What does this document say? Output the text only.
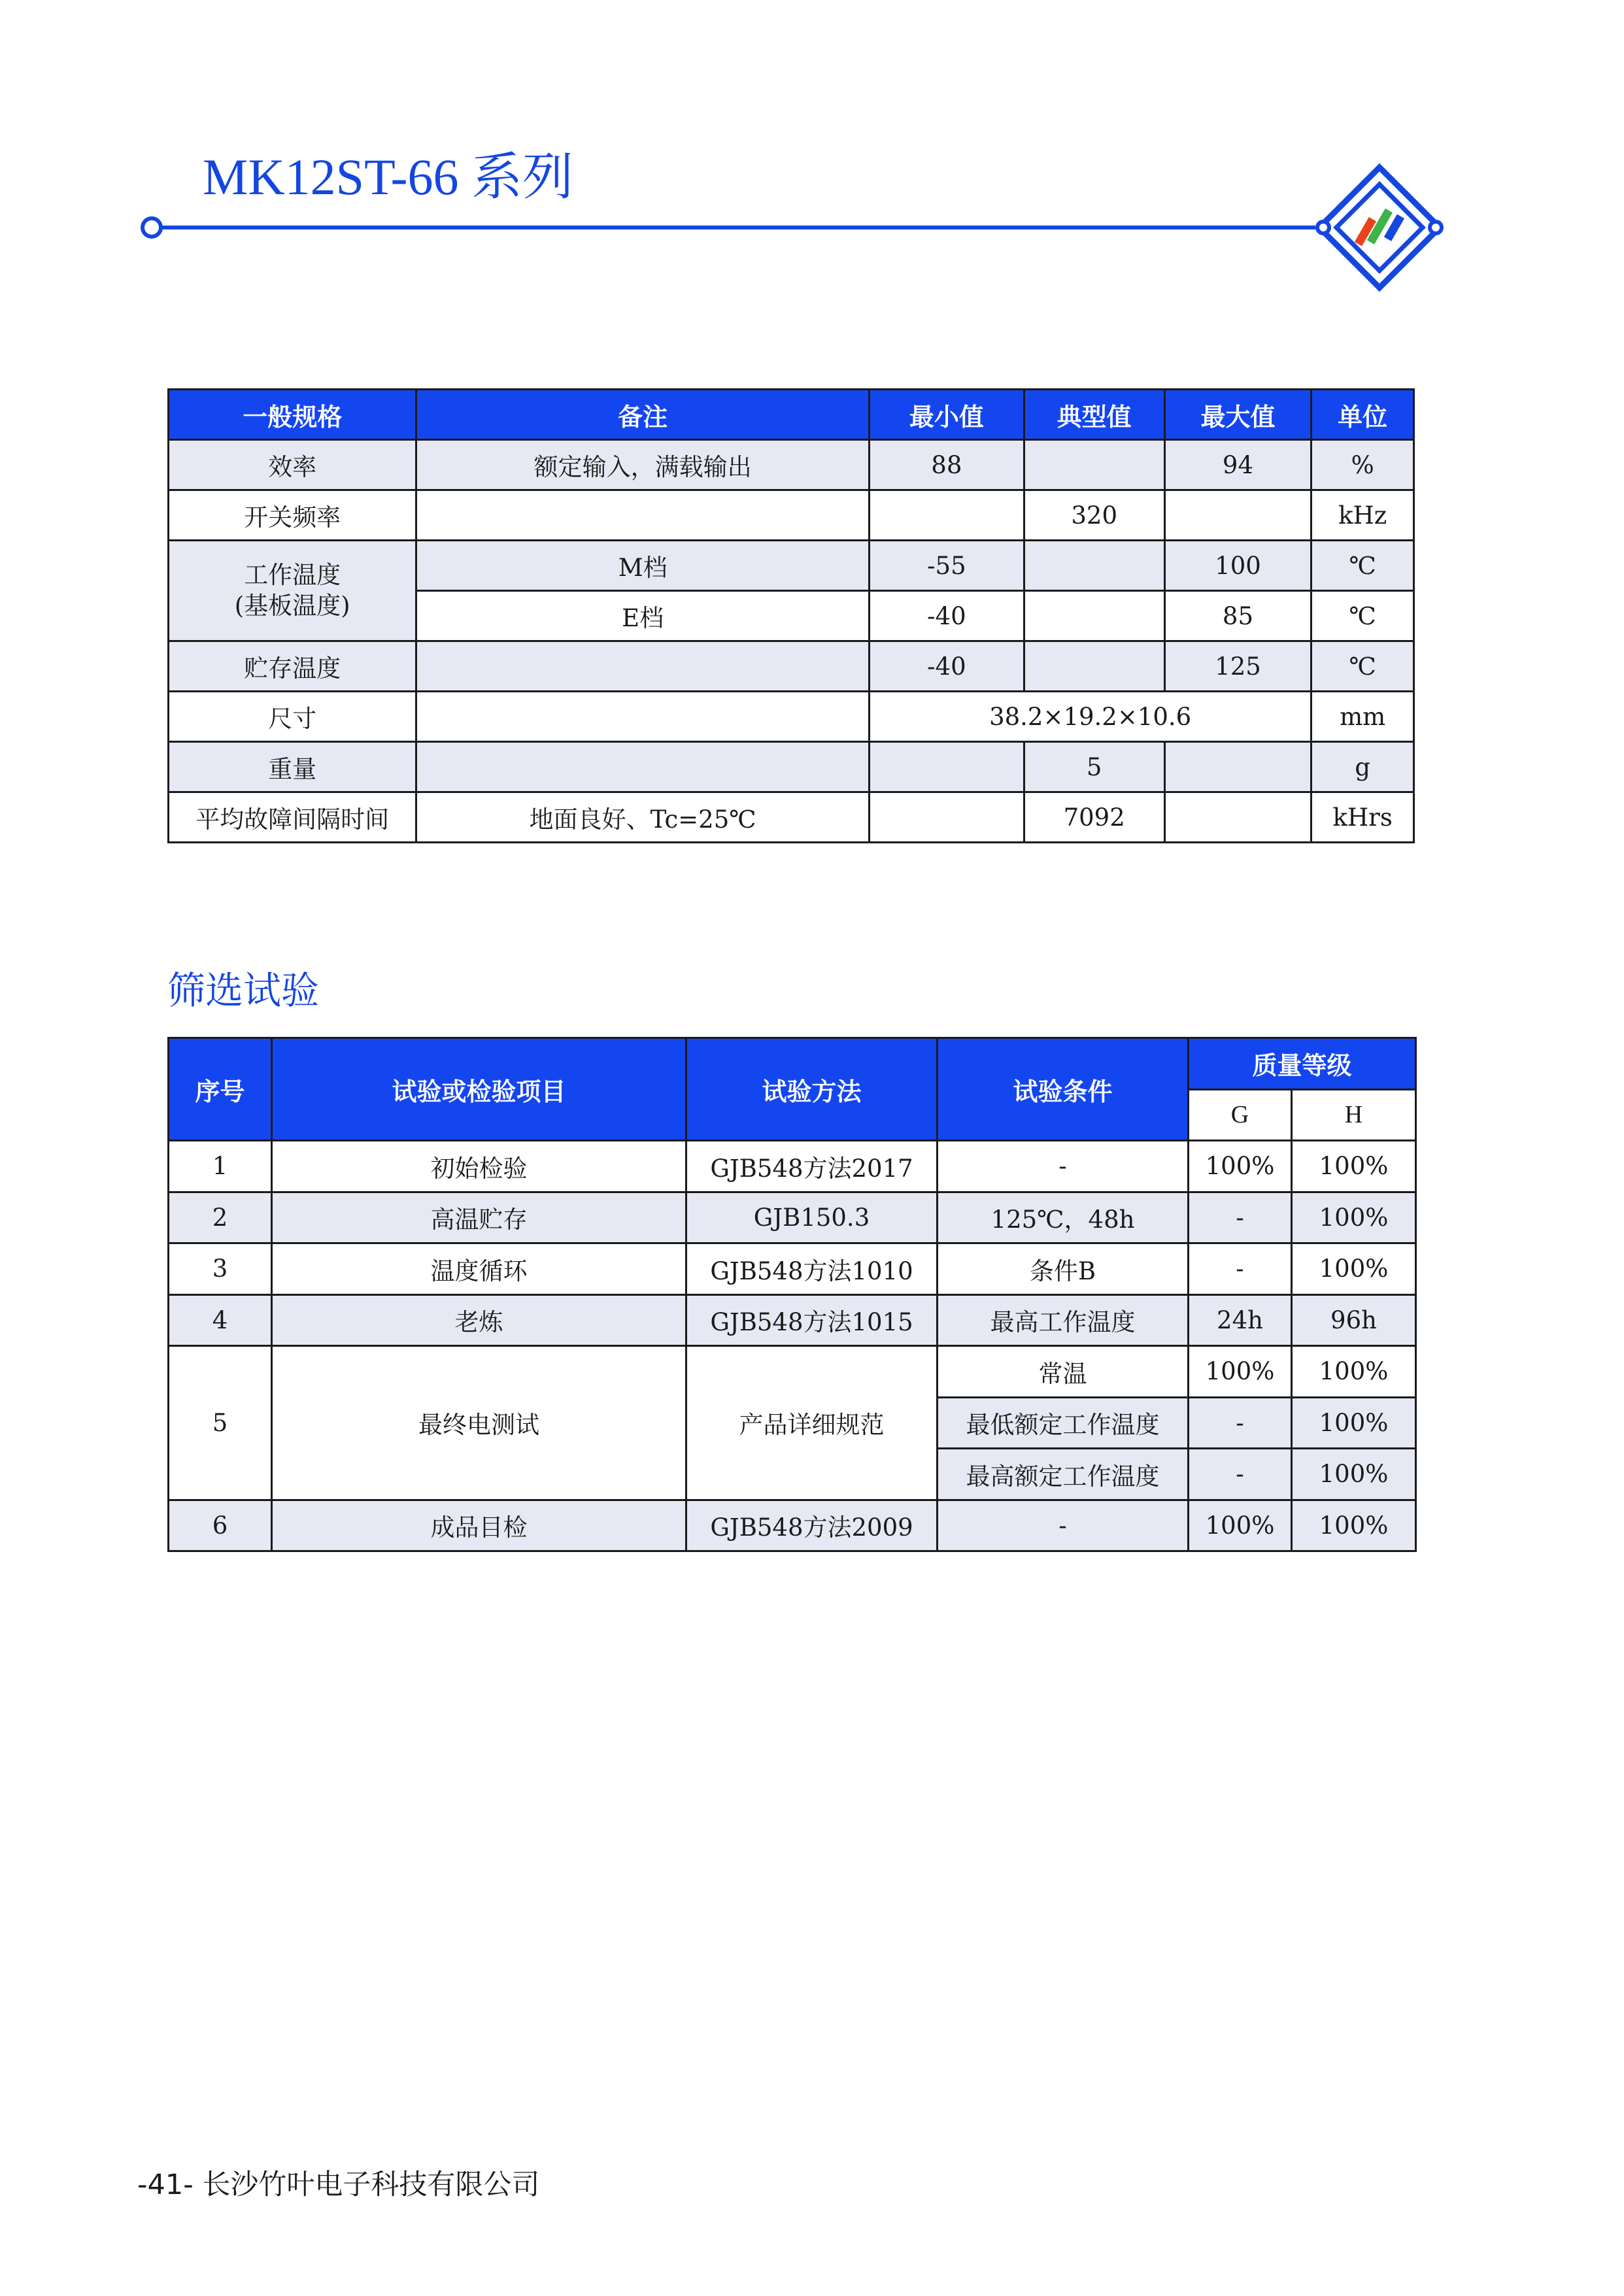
MK12ST-66 系列
一般规格	备注	最小值	典型值	最大值	单位
效率	额定输入，满载输出	88		94	%
开关频率			320		kHz

工作温度
(基板温度)	M档	-55		100	℃
	E档	-40		85	℃
贮存温度		-40		125	℃
尺寸		38.2×19.2×10.6			mm
重量			5		g
平均故障间隔时间	地面良好、Tc=25℃		7092		kHrs
筛选试验
序号	试验或检验项目	试验方法	试验条件	质量等级	
				G	H
1	初始检验	GJB548方法2017	-	100%	100%
2	高温贮存	GJB150.3	125℃，48h	-	100%
3	温度循环	GJB548方法1010	条件B	-	100%
4	老炼	GJB548方法1015	最高工作温度	24h	96h
5	最终电测试	产品详细规范	常温	100%	100%
			最低额定工作温度	-	100%
			最高额定工作温度	-	100%
6	成品目检	GJB548方法2009	-	100%	100%
-41- 长沙竹叶电子科技有限公司
